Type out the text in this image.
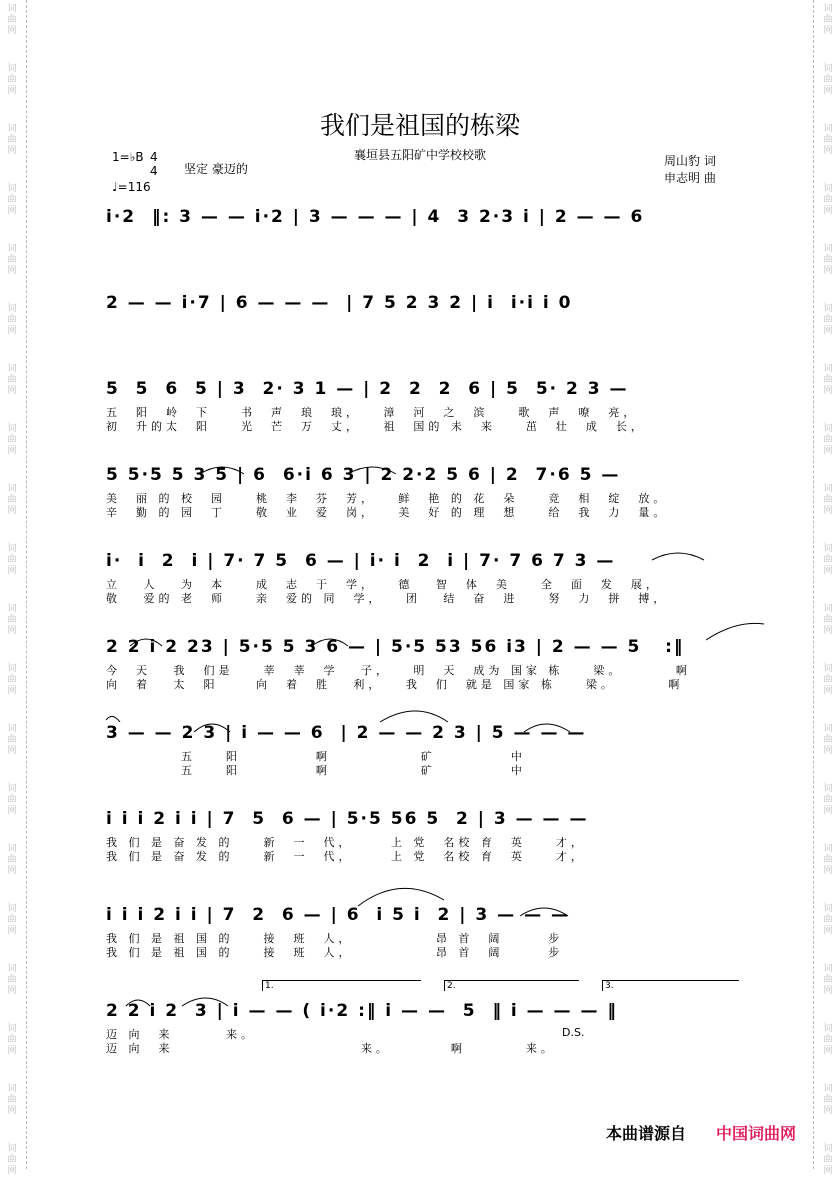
词
曲
网
词
曲
网
词
曲
网
词
曲
网
词
曲
网
词
曲
网
词
曲
网
词
曲
网
词
曲
网
词
曲
网
词
曲
网
词
曲
网
词
曲
网
词
曲
网
词
曲
网
词
曲
网
词
曲
网
词
曲
网
词
曲
网
词
曲
网
词
曲
网
词
曲
网
词
曲
网
词
曲
网
词
曲
网
词
曲
网
词
曲
网
词
曲
网
词
曲
网
词
曲
网
词
曲
网
词
曲
网
词
曲
网
词
曲
网
词
曲
网
词
曲
网
词
曲
网
词
曲
网
词
曲
网
词
曲
网
我们是祖国的栋梁
襄垣县五阳矿中学校校歌
1=♭B 4
4
♩=116
坚定 豪迈的
周山豹 词
申志明 曲
i·2  ‖: 3 — — i·2 | 3 — — — | 4  3 2·3 i | 2 — — 6
2 — — i·7 | 6 — — —  | 7 5 2 3 2 | i  i·i i 0
5  5  6  5 | 3  2· 3 1 — | 2  2  2  6 | 5  5· 2 3 —
五  阳  岭  下    书  声  琅  琅，   漳  河  之  滨    歌  声  嘹  亮，
初  升的太  阳    光  芒  万  丈，   祖  国的 未  来    茁  壮  成  长，
5 5·5 5 3 5 | 6  6·i 6 3 | 2 2·2 5 6 | 2  7·6 5 —
美  丽 的 校  园    桃  李  芬  芳，   鲜  艳 的 花  朵    竞  相  绽  放。
辛  勤 的 园  丁    敬  业  爱  岗，   美  好 的 理  想    给  我  力  量。
i·  i  2  i | 7· 7 5  6 — | i· i  2  i | 7· 7 6 7 3 —
立   人   为  本    成  志  于  学，   德   智  体  美    全  面  发  展，
敬   爱的 老  师    亲  爱的 同  学，   团   结  奋  进    努  力  拼  搏，
2 2 i 2 23 | 5·5 5 3 6 — | 5·5 53 56 i3 | 2 — — 5   :‖
今  天   我  们是    莘  莘  学   子，   明  天  成为 国家 栋    梁。       啊
向  着   太  阳     向  着  胜   利，   我  们  就是 国家 栋    梁。       啊
3 — — 2 3 | i — — 6  | 2 — — 2 3 | 5 — — —
五    阳          啊            矿          中
五    阳          啊            矿          中
i i i 2 i i | 7  5  6 — | 5·5 56 5  2 | 3 — — —
我 们 是 奋 发 的    新  一  代，     上 党  名校 育  英    才，
我 们 是 奋 发 的    新  一  代，     上 党  名校 育  英    才，
i i i 2 i i | 7  2  6 — | 6  i 5 i  2 | 3 — — —
我 们 是 祖 国 的    接  班  人，           昂 首  阔      步
我 们 是 祖 国 的    接  班  人，           昂 首  阔      步
2 2 i 2  3 | i — — ( i·2 :‖ i — —  5  ‖ i — — — ‖
迈 向  来       来。
迈 向  来                         来。        啊        来。
1.	2.	3.
D.S.
本曲谱源自 中国词曲网
